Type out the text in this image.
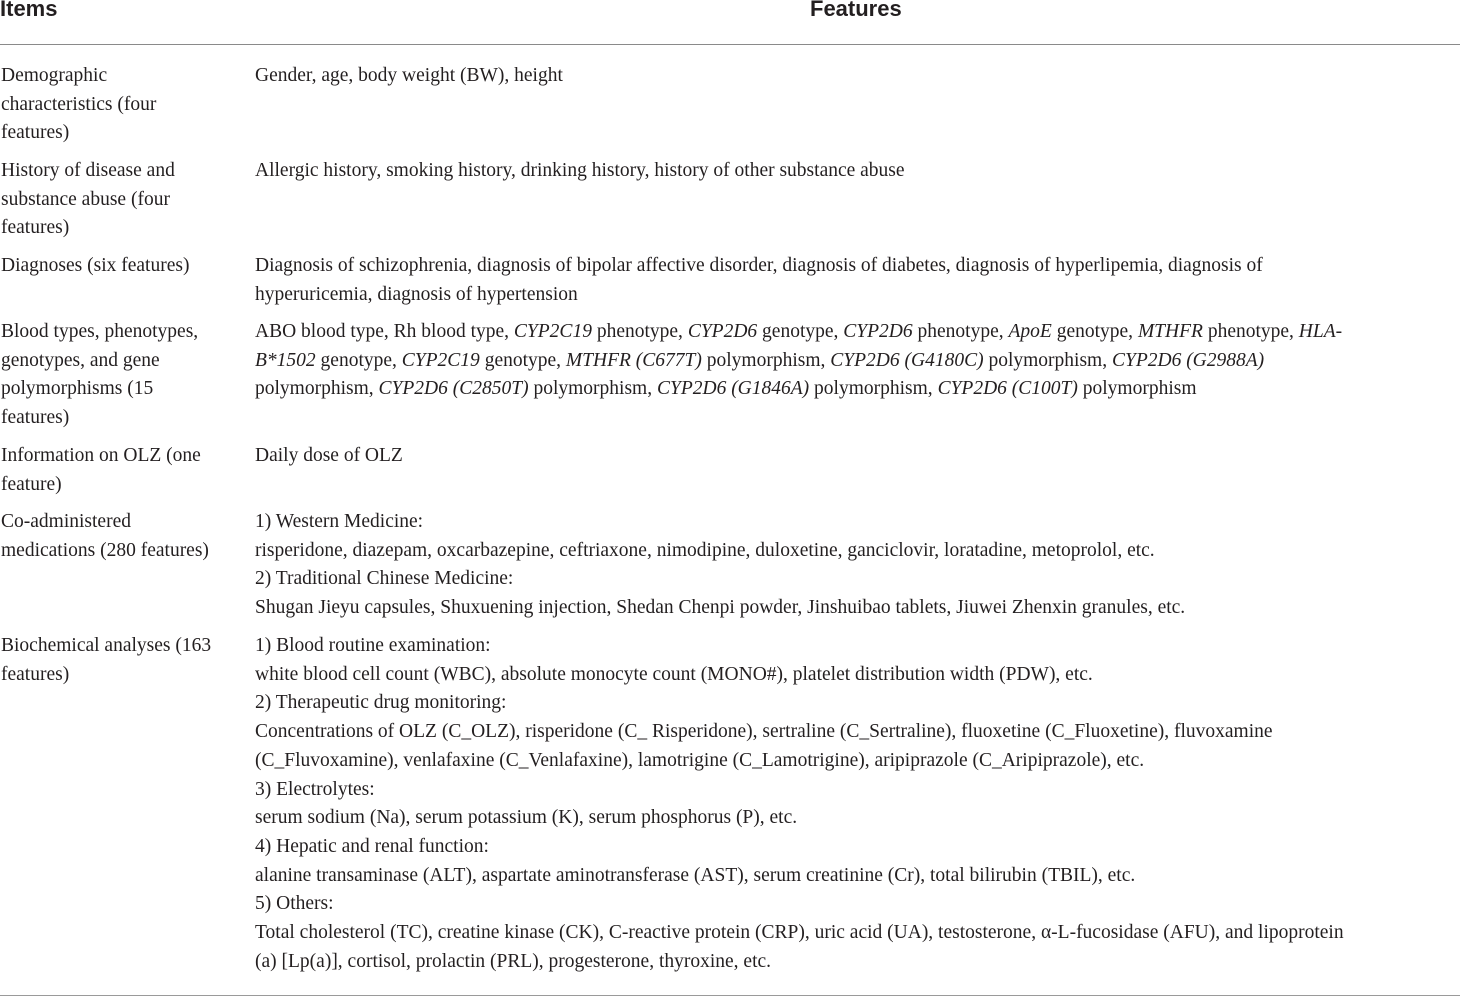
Items	Features
Demographic
characteristics (four
features)
Gender, age, body weight (BW), height
History of disease and
substance abuse (four
features)
Allergic history, smoking history, drinking history, history of other substance abuse
Diagnoses (six features)	Diagnosis of schizophrenia, diagnosis of bipolar affective disorder, diagnosis of diabetes, diagnosis of hyperlipemia, diagnosis of
hyperuricemia, diagnosis of hypertension
Blood types, phenotypes,
genotypes, and gene
polymorphisms (15
features)
ABO blood type, Rh blood type, CYP2C19 phenotype, CYP2D6 genotype, CYP2D6 phenotype, ApoE genotype, MTHFR phenotype, HLA-
B*1502 genotype, CYP2C19 genotype, MTHFR (C677T) polymorphism, CYP2D6 (G4180C) polymorphism, CYP2D6 (G2988A)
polymorphism, CYP2D6 (C2850T) polymorphism, CYP2D6 (G1846A) polymorphism, CYP2D6 (C100T) polymorphism
Information on OLZ (one
feature)
Daily dose of OLZ
Co-administered
medications (280 features)
1) Western Medicine:
risperidone, diazepam, oxcarbazepine, ceftriaxone, nimodipine, duloxetine, ganciclovir, loratadine, metoprolol, etc.
2) Traditional Chinese Medicine:
Shugan Jieyu capsules, Shuxuening injection, Shedan Chenpi powder, Jinshuibao tablets, Jiuwei Zhenxin granules, etc.
Biochemical analyses (163
features)
1) Blood routine examination:
white blood cell count (WBC), absolute monocyte count (MONO#), platelet distribution width (PDW), etc.
2) Therapeutic drug monitoring:
Concentrations of OLZ (C_OLZ), risperidone (C_ Risperidone), sertraline (C_Sertraline), fluoxetine (C_Fluoxetine), fluvoxamine
(C_Fluvoxamine), venlafaxine (C_Venlafaxine), lamotrigine (C_Lamotrigine), aripiprazole (C_Aripiprazole), etc.
3) Electrolytes:
serum sodium (Na), serum potassium (K), serum phosphorus (P), etc.
4) Hepatic and renal function:
alanine transaminase (ALT), aspartate aminotransferase (AST), serum creatinine (Cr), total bilirubin (TBIL), etc.
5) Others:
Total cholesterol (TC), creatine kinase (CK), C-reactive protein (CRP), uric acid (UA), testosterone, α-L-fucosidase (AFU), and lipoprotein
(a) [Lp(a)], cortisol, prolactin (PRL), progesterone, thyroxine, etc.
